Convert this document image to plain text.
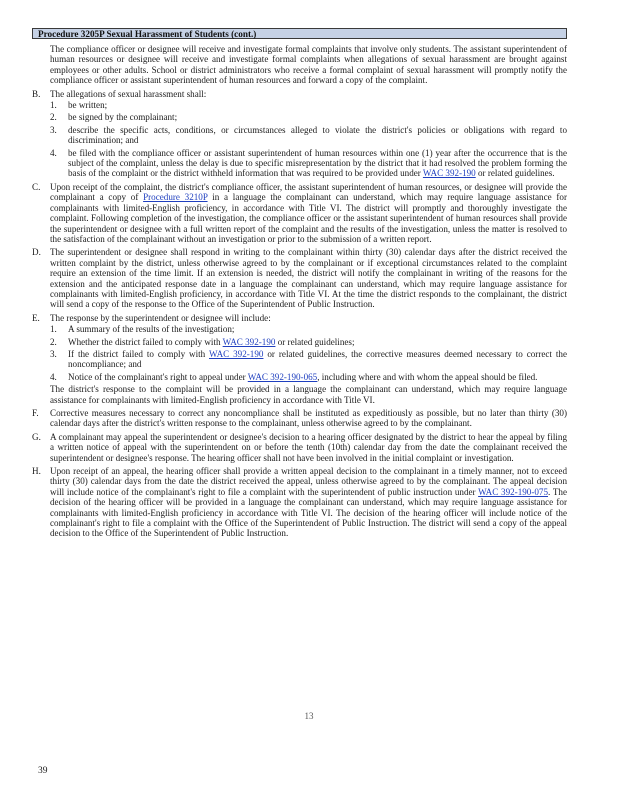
Procedure 3205P Sexual Harassment of Students (cont.)

The compliance officer or designee will receive and investigate formal complaints that involve only students. The assistant superintendent of human resources or designee will receive and investigate formal complaints when allegations of sexual harassment are brought against employees or other adults. School or district administrators who receive a formal complaint of sexual harassment will promptly notify the compliance officer or assistant superintendent of human resources and forward a copy of the complaint.

B. The allegations of sexual harassment shall:

1. be written;

2. be signed by the complainant;

3. describe the specific acts, conditions, or circumstances alleged to violate the district's policies or obligations with regard to discrimination; and

4. be filed with the compliance officer or assistant superintendent of human resources within one (1) year after the occurrence that is the subject of the complaint, unless the delay is due to specific misrepresentation by the district that it had resolved the problem forming the basis of the complaint or the district withheld information that was required to be provided under WAC 392-190 or related guidelines.

C. Upon receipt of the complaint, the district's compliance officer, the assistant superintendent of human resources, or designee will provide the complainant a copy of Procedure 3210P in a language the complainant can understand, which may require language assistance for complainants with limited-English proficiency, in accordance with Title VI. The district will promptly and thoroughly investigate the complaint. Following completion of the investigation, the compliance officer or the assistant superintendent of human resources shall provide the superintendent or designee with a full written report of the complaint and the results of the investigation, unless the matter is resolved to the satisfaction of the complainant without an investigation or prior to the submission of a written report.

D. The superintendent or designee shall respond in writing to the complainant within thirty (30) calendar days after the district received the written complaint by the district, unless otherwise agreed to by the complainant or if exceptional circumstances related to the complaint require an extension of the time limit. If an extension is needed, the district will notify the complainant in writing of the reasons for the extension and the anticipated response date in a language the complainant can understand, which may require language assistance for complainants with limited-English proficiency, in accordance with Title VI. At the time the district responds to the complainant, the district will send a copy of the response to the Office of the Superintendent of Public Instruction.

E. The response by the superintendent or designee will include:

1. A summary of the results of the investigation;

2. Whether the district failed to comply with WAC 392-190 or related guidelines;

3. If the district failed to comply with WAC 392-190 or related guidelines, the corrective measures deemed necessary to correct the noncompliance; and

4. Notice of the complainant's right to appeal under WAC 392-190-065, including where and with whom the appeal should be filed.

The district's response to the complaint will be provided in a language the complainant can understand, which may require language assistance for complainants with limited-English proficiency in accordance with Title VI.

F. Corrective measures necessary to correct any noncompliance shall be instituted as expeditiously as possible, but no later than thirty (30) calendar days after the district's written response to the complainant, unless otherwise agreed to by the complainant.

G. A complainant may appeal the superintendent or designee's decision to a hearing officer designated by the district to hear the appeal by filing a written notice of appeal with the superintendent on or before the tenth (10th) calendar day from the date the complainant received the superintendent or designee's response. The hearing officer shall not have been involved in the initial complaint or investigation.

H. Upon receipt of an appeal, the hearing officer shall provide a written appeal decision to the complainant in a timely manner, not to exceed thirty (30) calendar days from the date the district received the appeal, unless otherwise agreed to by the complainant. The appeal decision will include notice of the complainant's right to file a complaint with the superintendent of public instruction under WAC 392-190-075. The decision of the hearing officer will be provided in a language the complainant can understand, which may require language assistance for complainants with limited-English proficiency in accordance with Title VI. The decision of the hearing officer will include notice of the complainant's right to file a complaint with the Office of the Superintendent of Public Instruction. The district will send a copy of the appeal decision to the Office of the Superintendent of Public Instruction.

13
39
